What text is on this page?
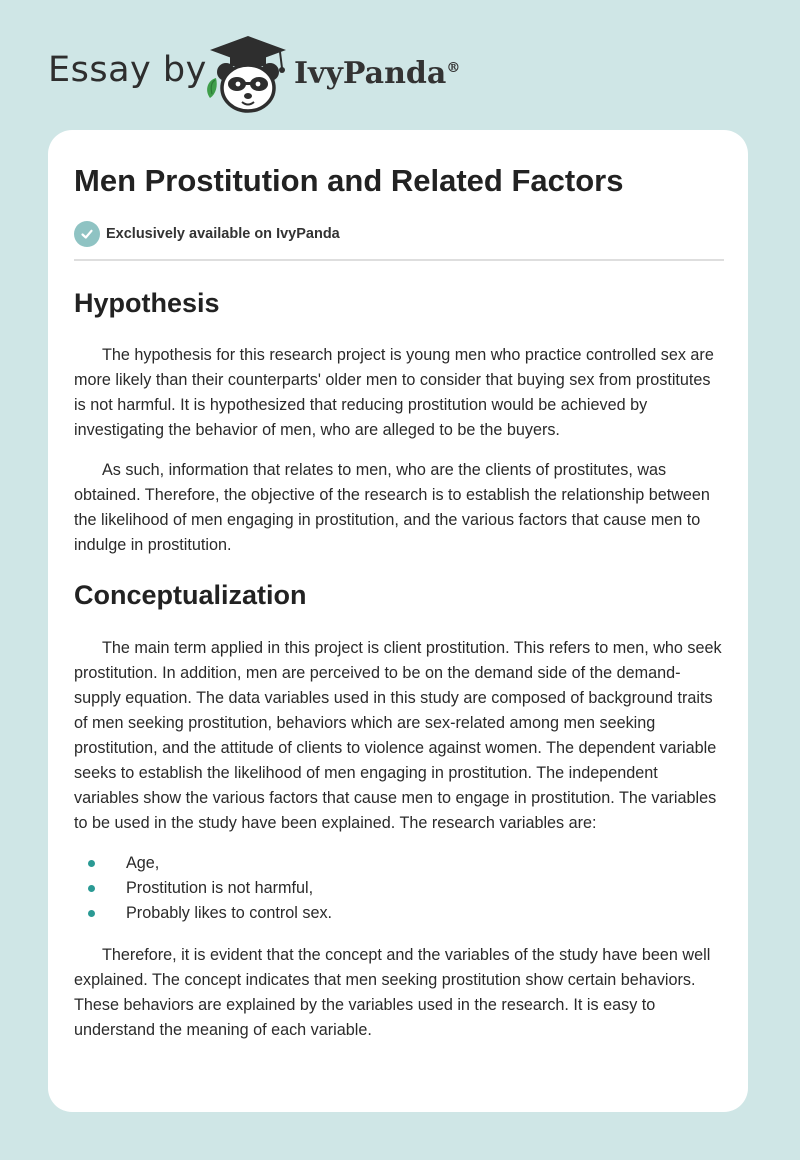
Essay by	IvyPanda®
Men Prostitution and Related Factors
Exclusively available on IvyPanda
Hypothesis

The hypothesis for this research project is young men who practice controlled sex are more likely than their counterparts' older men to consider that buying sex from prostitutes is not harmful. It is hypothesized that reducing prostitution would be achieved by investigating the behavior of men, who are alleged to be the buyers.

As such, information that relates to men, who are the clients of prostitutes, was obtained. Therefore, the objective of the research is to establish the relationship between the likelihood of men engaging in prostitution, and the various factors that cause men to indulge in prostitution.

Conceptualization

The main term applied in this project is client prostitution. This refers to men, who seek prostitution. In addition, men are perceived to be on the demand side of the demand-supply equation. The data variables used in this study are composed of background traits of men seeking prostitution, behaviors which are sex-related among men seeking prostitution, and the attitude of clients to violence against women. The dependent variable seeks to establish the likelihood of men engaging in prostitution. The independent variables show the various factors that cause men to engage in prostitution. The variables to be used in the study have been explained. The research variables are:

Age,
Prostitution is not harmful,
Probably likes to control sex.

Therefore, it is evident that the concept and the variables of the study have been well explained. The concept indicates that men seeking prostitution show certain behaviors. These behaviors are explained by the variables used in the research. It is easy to understand the meaning of each variable.
